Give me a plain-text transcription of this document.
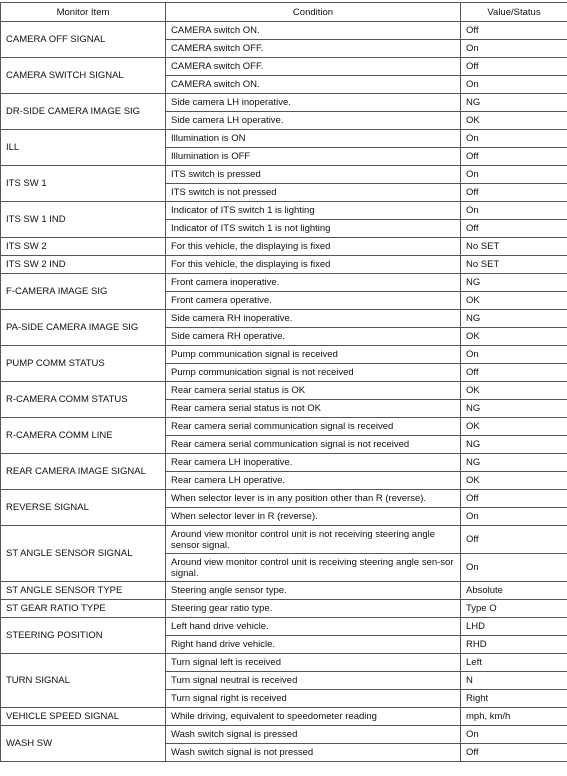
Monitor Item	Condition	Value/Status
CAMERA OFF SIGNAL	CAMERA switch ON.	Off
	CAMERA switch OFF.	On
CAMERA SWITCH SIGNAL	CAMERA switch OFF.	Off
	CAMERA switch ON.	On
DR-SIDE CAMERA IMAGE SIG	Side camera LH inoperative.	NG
	Side camera LH operative.	OK
ILL	Illumination is ON	On
	Illumination is OFF	Off
ITS SW 1	ITS switch is pressed	On
	ITS switch is not pressed	Off
ITS SW 1 IND	Indicator of ITS switch 1 is lighting	On
	Indicator of ITS switch 1 is not lighting	Off
ITS SW 2	For this vehicle, the displaying is fixed	No SET
ITS SW 2 IND	For this vehicle, the displaying is fixed	No SET
F-CAMERA IMAGE SIG	Front camera inoperative.	NG
	Front camera operative.	OK
PA-SIDE CAMERA IMAGE SIG	Side camera RH inoperative.	NG
	Side camera RH operative.	OK
PUMP COMM STATUS	Pump communication signal is received	On
	Pump communication signal is not received	Off
R-CAMERA COMM STATUS	Rear camera serial status is OK	OK
	Rear camera serial status is not OK	NG
R-CAMERA COMM LINE	Rear camera serial communication signal is received	OK
	Rear camera serial communication signal is not received	NG
REAR CAMERA IMAGE SIGNAL	Rear camera LH inoperative.	NG
	Rear camera LH operative.	OK
REVERSE SIGNAL	When selector lever is in any position other than R (reverse).	Off
	When selector lever in R (reverse).	On
ST ANGLE SENSOR SIGNAL	Around view monitor control unit is not receiving steering angle sensor signal.	Off
	Around view monitor control unit is receiving steering angle sen-sor signal.	On
ST ANGLE SENSOR TYPE	Steering angle sensor type.	Absolute
ST GEAR RATIO TYPE	Steering gear ratio type.	Type O
STEERING POSITION	Left hand drive vehicle.	LHD
	Right hand drive vehicle.	RHD
TURN SIGNAL	Turn signal left is received	Left
	Turn signal neutral is received	N
	Turn signal right is received	Right
VEHICLE SPEED SIGNAL	While driving, equivalent to speedometer reading	mph, km/h
WASH SW	Wash switch signal is pressed	On
	Wash switch signal is not pressed	Off
